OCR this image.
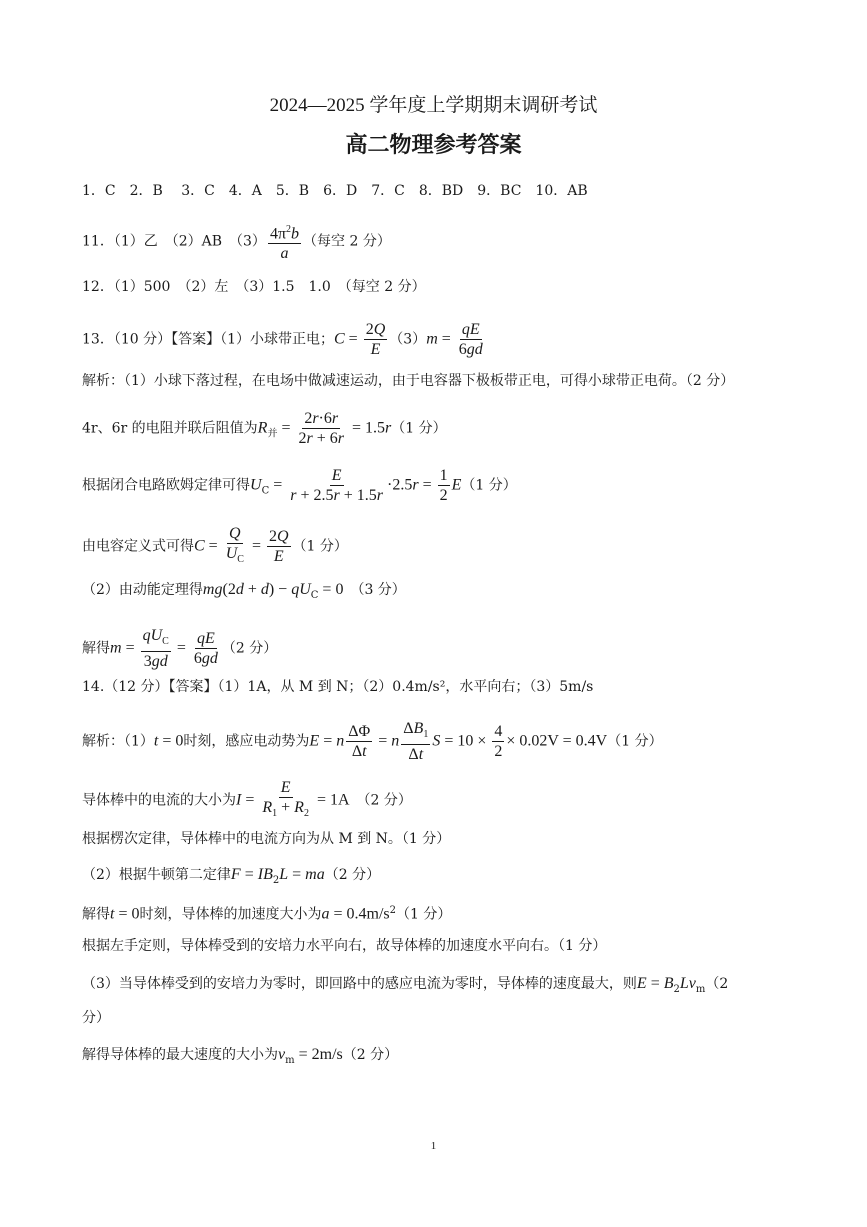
2024—2025 学年度上学期期末调研考试
高二物理参考答案
1．C　2．B　 3．C　4．A　5．B　6．D　7．C　8．BD　9．BC　10．AB
11．（1）乙　（2）AB　$(3) \frac{4\pi^2b}{a}$ （每空 2 分）
12．（1）500　（2）左　（3）1.5　1.0　（每空 2 分）
13．（10 分）【答案】（1）小球带正电；$C = \frac{2Q}{E} (3)m = \frac{qE}{6gd}$
解析：（1）小球下落过程，在电场中做减速运动，由于电容器下极板带正电，可得小球带正电荷。（2 分）
4r、6r 的电阻并联后阻值为$R_并 = \frac{2r\cdot 6r}{2r + 6r} = 1.5r(1$ 分）
根据闭合电路欧姆定律可得$U_C = \frac{E}{r + 2.5r + 1.5r} \cdot 2.5r = \frac{1}{2} E(1$ 分）
由电容定义式可得$C = \frac{Q}{U_C} = \frac{2Q}{E} (1$ 分）
（2）由动能定理得$mg(2d + d) - qU_C = 0$　 （3 分）
解得$m = \frac{qU_C}{3gd} = \frac{qE}{6gd} (2$ 分）
14.（12 分）【答案】（1）1A，从 M 到 N；（2）0.4m/s²，水平向右；（3）5m/s
解析：（1）t = 0时刻，感应电动势为E = n $\frac{\Delta\Phi}{\Delta t} = n \frac{\Delta B_1}{\Delta t}$ $S = 10 \times \frac{4}{2} \times 0.02V = 0.4V(1$ 分）
导体棒中的电流的大小为$I = \frac{E}{R_1 + R_2} = 1A$　 （2 分）
根据楞次定律，导体棒中的电流方向为从 M 到 N。（1 分）
（2）根据牛顿第二定律$F = IB_2L = ma(2$ 分）
解得t = 0时刻，导体棒的加速度大小为$a = 0.4m/s^2(1$ 分）
根据左手定则，导体棒受到的安培力水平向右，故导体棒的加速度水平向右。（1 分）
（3）当导体棒受到的安培力为零时，即回路中的感应电流为零时，导体棒的速度最大，则$E = B_2Lv_m(2$
分）
解得导体棒的最大速度的大小为$v_m = 2m/s(2$ 分）
1
